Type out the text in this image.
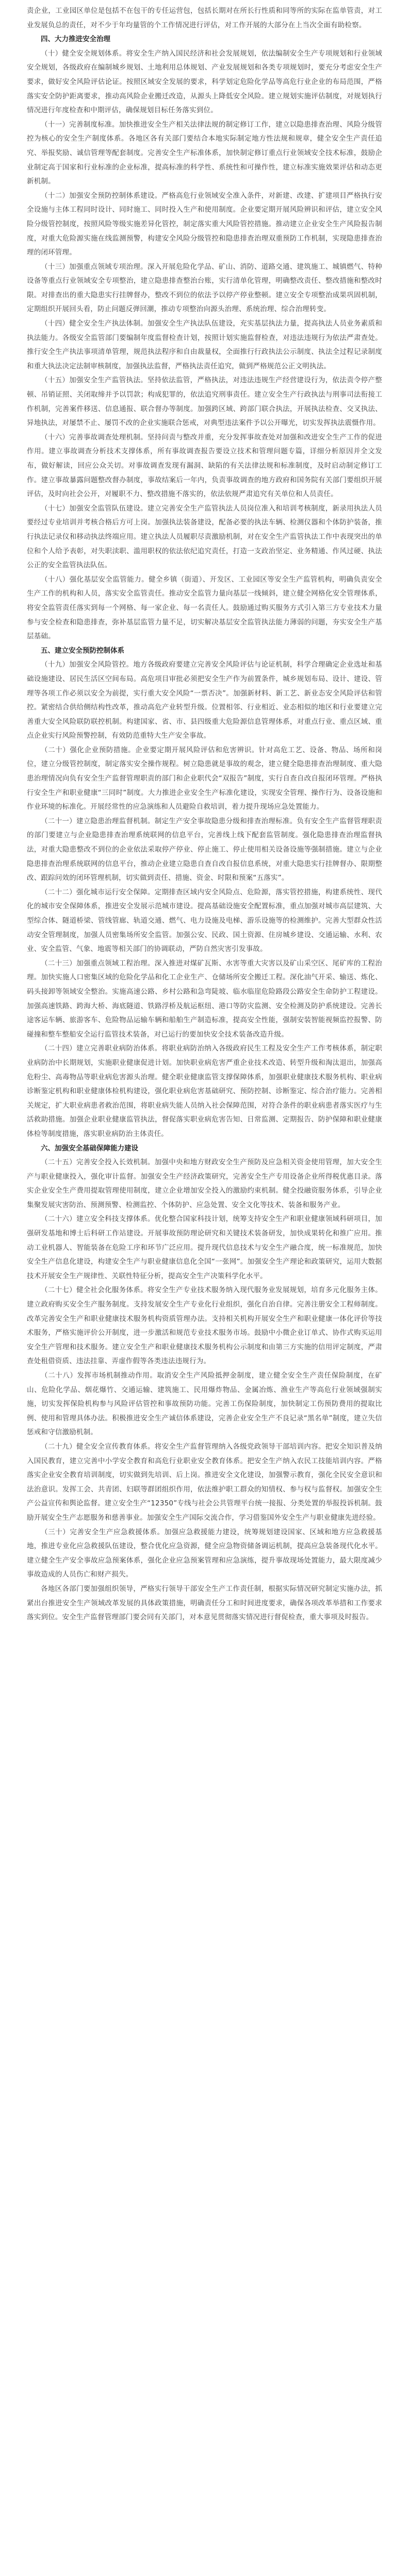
责企业，工业园区单位是包括不在包干的专任运营包，包括长期对在所长行性质和同等所的实际在监单管责，对工业发展负总的责任，对不少于年均量管的个工作情况进行评估，对工作开展的大部分在上当次全面有助检察。

四、大力推进安全治理

（十）健全安全规划体系。将安全生产纳入国民经济和社会发展规划，依法编制安全生产专项规划和行业领域安全规划，各级政府在编制城乡规划、土地利用总体规划、产业发展规划和各类专项规划时，要充分考虑安全生产要求，做好安全风险评估论证。按照区域安全发展的要求，科学划定危险化学品等高危行业企业的布局范围，严格落实安全防护距离要求，推动高风险企业搬迁改造，从源头上降低安全风险。建立规划实施评估制度，对规划执行情况进行年度检查和中期评估，确保规划目标任务落实到位。

（十一）完善制度标准。加快推进安全生产相关法律法规的制定修订工作，建立以隐患排查治理、风险分级管控为核心的安全生产制度体系。各地区各有关部门要结合本地实际制定地方性法规和规章，健全安全生产责任追究、举报奖励、诚信管理等配套制度。完善安全生产标准体系，加快制定修订重点行业领域安全技术标准，鼓励企业制定高于国家和行业标准的企业标准，提高标准的科学性、系统性和可操作性，建立标准实施效果评估和动态更新机制。

（十二）加强安全预防控制体系建设。严格高危行业领域安全准入条件，对新建、改建、扩建项目严格执行安全设施与主体工程同时设计、同时施工、同时投入生产和使用制度。企业要定期开展风险辨识和评估，建立安全风险分级管控制度，按照风险等级实施差异化管控，制定落实重大风险管控措施。推动建立企业安全生产风险报告制度，对重大危险源实施在线监测预警，构建安全风险分级管控和隐患排查治理双重预防工作机制，实现隐患排查治理的闭环管理。

（十三）加强重点领域专项治理。深入开展危险化学品、矿山、消防、道路交通、建筑施工、城镇燃气、特种设备等重点行业领域安全专项整治，建立隐患排查整治台账，实行清单化管理，明确整改责任、整改措施和整改时限。对排查出的重大隐患实行挂牌督办，整改不到位的依法予以停产停业整顿。建立安全专项整治成果巩固机制，定期组织开展回头看，防止问题反弹回潮，推动专项整治向源头治理、系统治理、综合治理转变。

（十四）健全安全生产执法体制。加强安全生产执法队伍建设，充实基层执法力量，提高执法人员业务素质和执法能力。各级安全监管部门要编制年度监督检查计划，按照计划实施监督检查，对违法违规行为依法严肃查处。推行安全生产执法事项清单管理，规范执法程序和自由裁量权，全面推行行政执法公示制度、执法全过程记录制度和重大执法决定法制审核制度，加强执法监督，严格执法责任追究，做到严格规范公正文明执法。

（十五）加强安全生产监管执法。坚持依法监管，严格执法，对违法违规生产经营建设行为，依法责令停产整顿、吊销证照、关闭取缔并予以罚款；构成犯罪的，依法追究刑事责任。建立安全生产行政执法与刑事司法衔接工作机制，完善案件移送、信息通报、联合督办等制度。加强跨区域、跨部门联合执法，开展执法检查、交叉执法、异地执法，对屡禁不止、屡罚不改的企业实施联合惩戒，对典型违法案件予以公开曝光，切实发挥执法震慑作用。

（十六）完善事故调查处理机制。坚持问责与整改并重，充分发挥事故查处对加强和改进安全生产工作的促进作用。建立事故调查分析技术支撑体系，所有事故调查报告要设立技术和管理问题专篇，详细分析原因并全文发布，做好解读，回应公众关切。对事故调查发现有漏洞、缺陷的有关法律法规和标准制度，及时启动制定修订工作。建立事故暴露问题整改督办制度，事故结案后一年内，负责事故调查的地方政府和国务院有关部门要组织开展评估，及时向社会公开，对履职不力、整改措施不落实的，依法依规严肃追究有关单位和人员责任。

（十七）加强安全监管队伍建设。建立完善安全生产监管执法人员岗位准入和培训考核制度，新录用执法人员要经过专业培训并考核合格后方可上岗。加强执法装备建设，配备必要的执法车辆、检测仪器和个体防护装备，推行执法记录仪和移动执法终端应用。建立执法人员履职尽责激励机制，对在安全生产监管执法工作中表现突出的单位和个人给予表彰，对失职渎职、滥用职权的依法依纪追究责任，打造一支政治坚定、业务精通、作风过硬、执法公正的安全监管执法队伍。

（十八）强化基层安全监管能力。健全乡镇（街道）、开发区、工业园区等安全生产监管机构，明确负责安全生产工作的机构和人员，落实安全监管责任。推动安全监管力量向基层一线倾斜，建立健全网格化安全管理体系，将安全监管责任落实到每一个网格、每一家企业、每一名责任人。鼓励通过购买服务方式引入第三方专业技术力量参与安全检查和隐患排查，弥补基层监管力量不足，切实解决基层安全监管执法能力薄弱的问题，夯实安全生产基层基础。

五、建立安全预防控制体系

（十九）加强安全风险管控。地方各级政府要建立完善安全风险评估与论证机制，科学合理确定企业选址和基础设施建设、居民生活区空间布局。高危项目审批必须把安全生产作为前置条件，城乡规划布局、设计、建设、管理等各项工作必须以安全为前提，实行重大安全风险“一票否决”。加强新材料、新工艺、新业态安全风险评估和管控。紧密结合供给侧结构性改革，推动高危产业转型升级。位置相邻、行业相近、业态相似的地区和行业要建立完善重大安全风险联防联控机制。构建国家、省、市、县四级重大危险源信息管理体系，对重点行业、重点区域、重点企业实行风险预警控制，有效防范重特大生产安全事故。

（二十）强化企业预防措施。企业要定期开展风险评估和危害辨识。针对高危工艺、设备、物品、场所和岗位，建立分级管控制度，制定落实安全操作规程。树立隐患就是事故的观念，建立健全隐患排查治理制度、重大隐患治理情况向负有安全生产监督管理职责的部门和企业职代会“双报告”制度，实行自查自改自报闭环管理。严格执行安全生产和职业健康“三同时”制度。大力推进企业安全生产标准化建设，实现安全管理、操作行为、设备设施和作业环境的标准化。开展经常性的应急演练和人员避险自救培训，着力提升现场应急处置能力。

（二十一）建立隐患治理监督机制。制定生产安全事故隐患分级和排查治理标准。负有安全生产监督管理职责的部门要建立与企业隐患排查治理系统联网的信息平台，完善线上线下配套监管制度。强化隐患排查治理监督执法，对重大隐患整改不到位的企业依法采取停产停业、停止施工、停止使用相关设备设施等强制措施。建立与企业隐患排查治理系统联网的信息平台，推动企业建立隐患自查自改自报信息系统，对重大隐患实行挂牌督办、限期整改、跟踪问效的闭环管理机制，切实做到责任、措施、资金、时限和预案“五落实”。

（二十二）强化城市运行安全保障。定期排查区域内安全风险点、危险源，落实管控措施，构建系统性、现代化的城市安全保障体系，推进安全发展示范城市建设。提高基础设施安全配置标准，重点加强对城市高层建筑、大型综合体、隧道桥梁、管线管廊、轨道交通、燃气、电力设施及电梯、游乐设施等的检测维护。完善大型群众性活动安全管理制度，加强人员密集场所安全监管。加强公安、民政、国土资源、住房城乡建设、交通运输、水利、农业、安全监管、气象、地震等相关部门的协调联动，严防自然灾害引发事故。

（二十三）加强重点领域工程治理。深入推进对煤矿瓦斯、水害等重大灾害以及矿山采空区、尾矿库的工程治理。加快实施人口密集区域的危险化学品和化工企业生产、仓储场所安全搬迁工程。深化油气开采、输送、炼化、码头接卸等领域安全整治。实施高速公路、乡村公路和急弯陡坡、临水临崖危险路段公路安全生命防护工程建设。加强高速铁路、跨海大桥、海底隧道、铁路浮桥及航运枢纽、港口等防灾监测、安全检测及防护系统建设。完善长途客运车辆、旅游客车、危险物品运输车辆和船舶生产制造标准，提高安全性能，强制安装智能视频监控报警、防碰撞和整车整船安全运行监管技术装备，对已运行的要加快安全技术装备改造升级。

（二十四）建立完善职业病防治体系。将职业病防治纳入各级政府民生工程及安全生产工作考核体系，制定职业病防治中长期规划，实施职业健康促进计划。加快职业病危害严重企业技术改造、转型升级和淘汰退出，加强高危粉尘、高毒物品等职业病危害源头治理。健全职业健康监管支撑保障体系，加强职业健康技术服务机构、职业病诊断鉴定机构和职业健康体检机构建设，强化职业病危害基础研究、预防控制、诊断鉴定、综合治疗能力。完善相关规定，扩大职业病患者救治范围，将职业病失能人员纳入社会保障范围，对符合条件的职业病患者落实医疗与生活救助措施。加强企业职业健康监管执法，督促落实职业病危害告知、日常监测、定期报告、防护保障和职业健康体检等制度措施，落实职业病防治主体责任。

六、加强安全基础保障能力建设

（二十五）完善安全投入长效机制。加强中央和地方财政安全生产预防及应急相关资金使用管理，加大安全生产与职业健康投入，强化审计监督。加强安全生产经济政策研究，完善安全生产专用设备企业所得税优惠目录。落实企业安全生产费用提取管理使用制度，建立企业增加安全投入的激励约束机制。健全投融资服务体系，引导企业集聚发展灾害防治、预测预警、检测监控、个体防护、应急处置、安全文化等技术、装备和服务产业。

（二十六）建立安全科技支撑体系。优化整合国家科技计划，统筹支持安全生产和职业健康领域科研项目，加强研发基地和博士后科研工作站建设。开展事故预防理论研究和关键技术装备研发，加快成果转化和推广应用。推动工业机器人、智能装备在危险工序和环节广泛应用。提升现代信息技术与安全生产融合度，统一标准规范，加快安全生产信息化建设，构建安全生产与职业健康信息化全国“一张网”。加强安全生产理论和政策研究，运用大数据技术开展安全生产规律性、关联性特征分析，提高安全生产决策科学化水平。

（二十七）健全社会化服务体系。将安全生产专业技术服务纳入现代服务业发展规划，培育多元化服务主体。建立政府购买安全生产服务制度。支持发展安全生产专业化行业组织，强化自治自律。完善注册安全工程师制度。改革完善安全生产和职业健康技术服务机构资质管理办法。支持相关机构开展安全生产和职业健康一体化评价等技术服务，严格实施评价公开制度，进一步激活和规范专业技术服务市场。鼓励中小微企业订单式、协作式购买运用安全生产管理和技术服务。建立安全生产和职业健康技术服务机构公示制度和由第三方实施的信用评定制度，严肃查处租借资质、违法挂靠、弄虚作假等各类违法违规行为。

（二十八）发挥市场机制推动作用。取消安全生产风险抵押金制度，建立健全安全生产责任保险制度，在矿山、危险化学品、烟花爆竹、交通运输、建筑施工、民用爆炸物品、金属冶炼、渔业生产等高危行业领域强制实施，切实发挥保险机构参与风险评估管控和事故预防功能。完善工伤保险制度，加快制定工伤预防费用的提取比例、使用和管理具体办法。积极推进安全生产诚信体系建设，完善企业安全生产不良记录“黑名单”制度，建立失信惩戒和守信激励机制。

（二十九）健全安全宣传教育体系。将安全生产监督管理纳入各级党政领导干部培训内容。把安全知识普及纳入国民教育，建立完善中小学安全教育和高危行业职业安全教育体系。把安全生产纳入农民工技能培训内容。严格落实企业安全教育培训制度，切实做到先培训、后上岗。推进安全文化建设，加强警示教育，强化全民安全意识和法治意识。发挥工会、共青团、妇联等群团组织作用，依法维护职工群众的知情权、参与权与监督权。加强安全生产公益宣传和舆论监督。建立安全生产“12350”专线与社会公共管理平台统一接报、分类处置的举报投诉机制。鼓励开展安全生产志愿服务和慈善事业。加强安全生产国际交流合作，学习借鉴国外安全生产与职业健康先进经验。

（三十）完善安全生产应急救援体系。加强应急救援能力建设，统筹规划建设国家、区域和地方应急救援基地，推进专业化应急救援队伍建设，整合优化应急资源，健全应急物资储备调运机制，提高应急装备现代化水平。建立健全生产安全事故应急预案体系，强化企业应急预案管理和应急演练，提升事故现场处置能力，最大限度减少事故造成的人员伤亡和财产损失。

各地区各部门要加强组织领导，严格实行领导干部安全生产工作责任制，根据实际情况研究制定实施办法，抓紧出台推进安全生产领域改革发展的具体政策措施，明确责任分工和时间进度要求，确保各项改革举措和工作要求落实到位。安全生产监督管理部门要会同有关部门，对本意见贯彻落实情况进行督促检查，重大事项及时报告。
